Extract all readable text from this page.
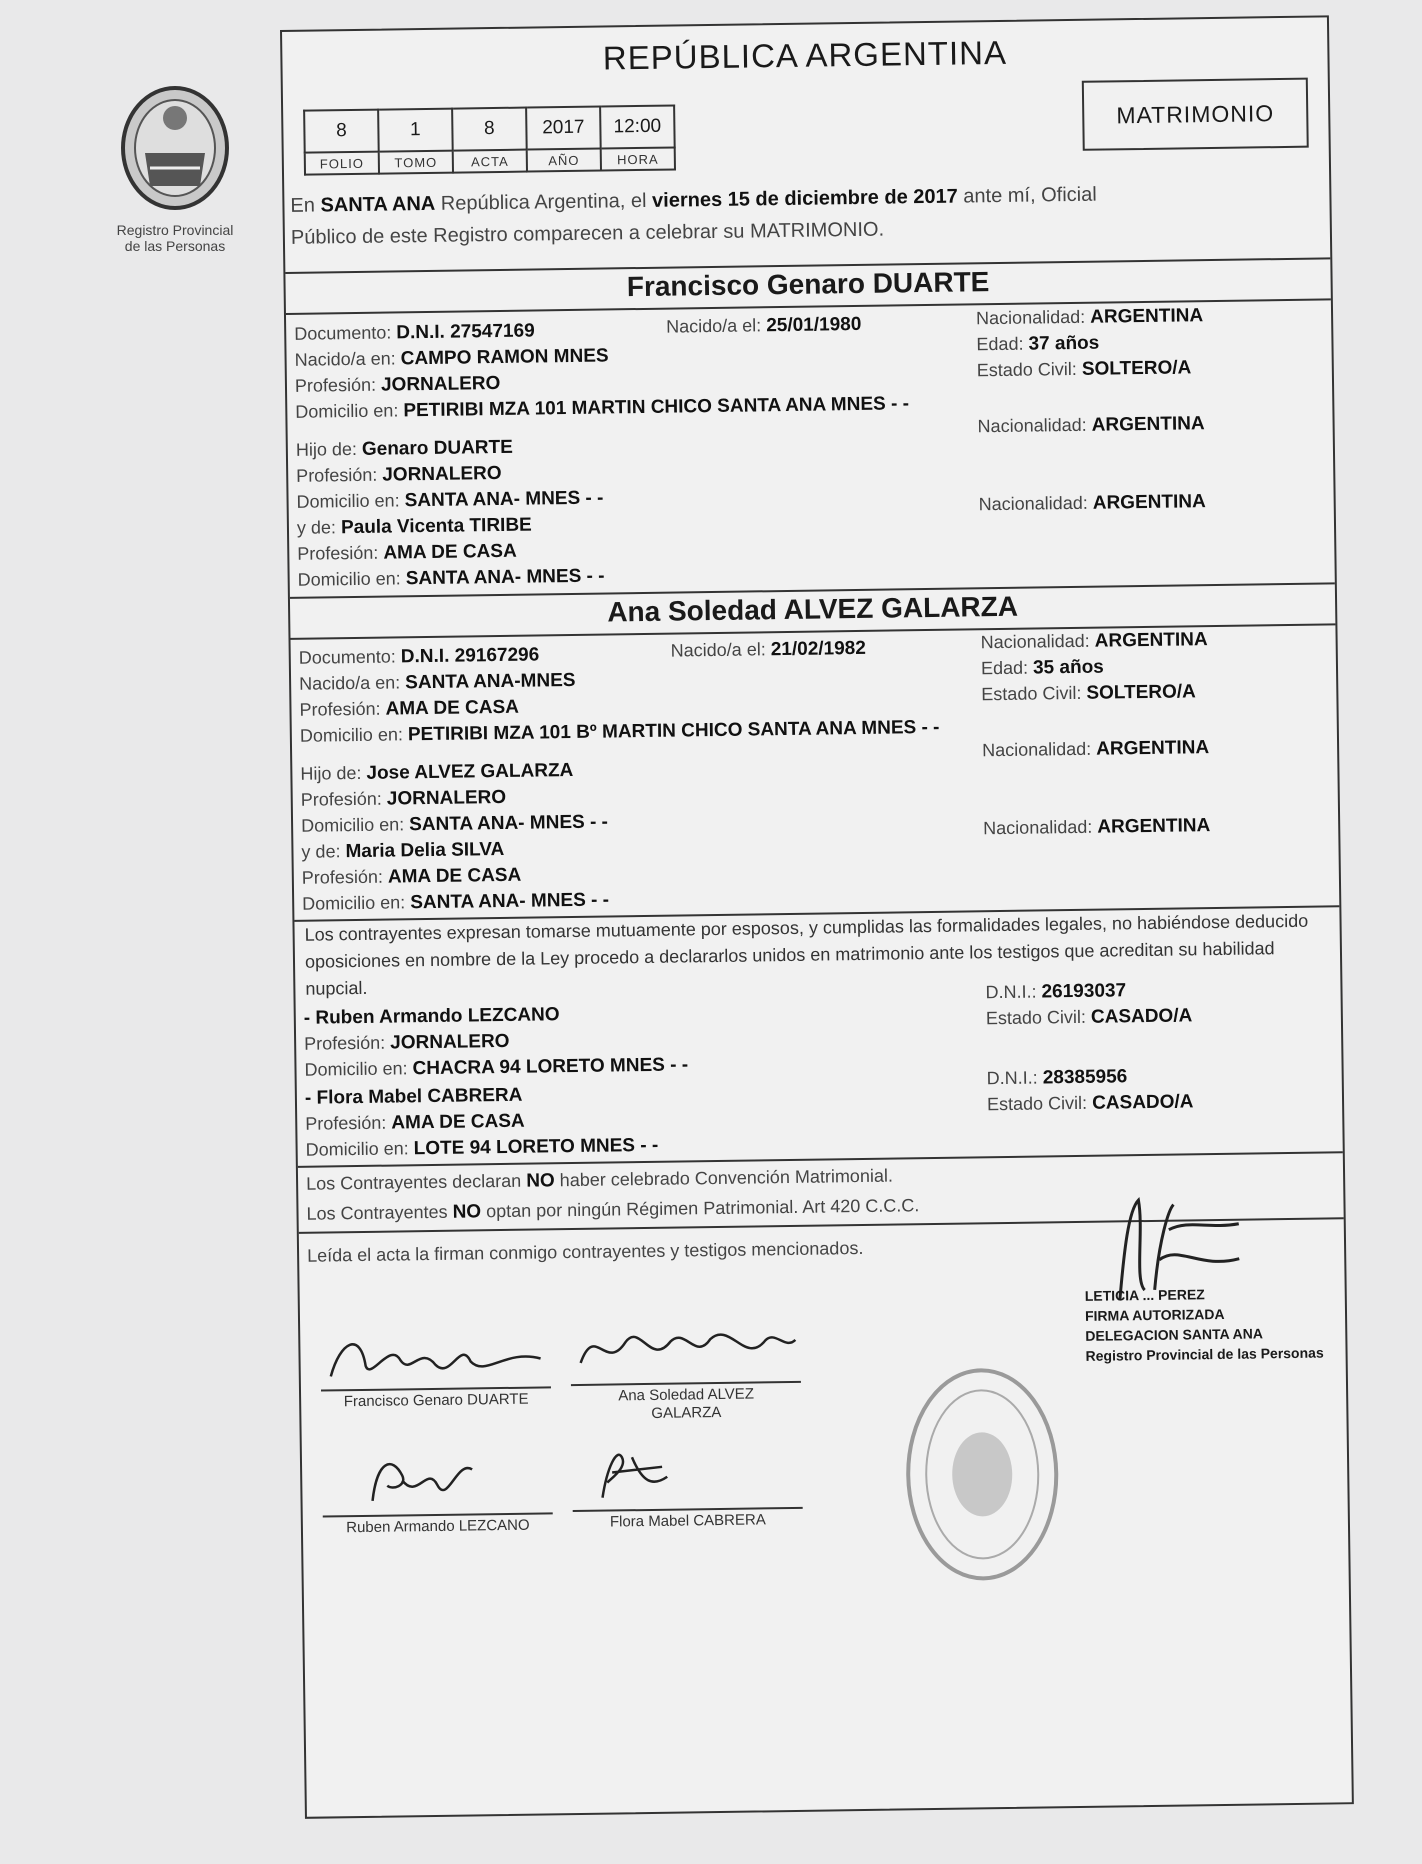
Registro Provincial
de las Personas
REPÚBLICA ARGENTINA
8	1	8	2017	12:00
FOLIO	TOMO	ACTA	AÑO	HORA
MATRIMONIO
En SANTA ANA República Argentina, el viernes 15 de diciembre de 2017 ante mí, Oficial
Público de este Registro comparecen a celebrar su MATRIMONIO.
Francisco Genaro DUARTE
Documento: D.N.I. 27547169	Nacido/a el: 25/01/1980	Nacionalidad: ARGENTINA
Edad: 37 años
Nacido/a en: CAMPO RAMON MNES
Estado Civil: SOLTERO/A
Profesión: JORNALERO
Domicilio en: PETIRIBI MZA 101 MARTIN CHICO SANTA ANA MNES - -
Nacionalidad: ARGENTINA
Hijo de: Genaro DUARTE
Profesión: JORNALERO
Domicilio en: SANTA ANA- MNES - -	Nacionalidad: ARGENTINA
y de: Paula Vicenta TIRIBE
Profesión: AMA DE CASA
Domicilio en: SANTA ANA- MNES - -
Ana Soledad ALVEZ GALARZA
Documento: D.N.I. 29167296	Nacido/a el: 21/02/1982	Nacionalidad: ARGENTINA
Edad: 35 años
Nacido/a en: SANTA ANA-MNES
Estado Civil: SOLTERO/A
Profesión: AMA DE CASA
Domicilio en: PETIRIBI MZA 101 Bº MARTIN CHICO SANTA ANA MNES - -
Nacionalidad: ARGENTINA
Hijo de: Jose ALVEZ GALARZA
Profesión: JORNALERO
Domicilio en: SANTA ANA- MNES - -	Nacionalidad: ARGENTINA
y de: Maria Delia SILVA
Profesión: AMA DE CASA
Domicilio en: SANTA ANA- MNES - -
Los contrayentes expresan tomarse mutuamente por esposos, y cumplidas las formalidades legales, no habiéndose deducido oposiciones en nombre de la Ley procedo a declararlos unidos en matrimonio ante los testigos que acreditan su habilidad nupcial.	D.N.I.: 26193037
- Ruben Armando LEZCANO	Estado Civil: CASADO/A
Profesión: JORNALERO
Domicilio en: CHACRA 94 LORETO MNES - -	D.N.I.: 28385956
- Flora Mabel CABRERA	Estado Civil: CASADO/A
Profesión: AMA DE CASA
Domicilio en: LOTE 94 LORETO MNES - -
Los Contrayentes declaran NO haber celebrado Convención Matrimonial.
Los Contrayentes NO optan por ningún Régimen Patrimonial. Art 420 C.C.C.
Leída el acta la firman conmigo contrayentes y testigos mencionados.
Francisco Genaro DUARTE	Ana Soledad ALVEZ
GALARZA
Ruben Armando LEZCANO	Flora Mabel CABRERA
LETICIA ... PEREZ
FIRMA AUTORIZADA
DELEGACION SANTA ANA
Registro Provincial de las Personas
